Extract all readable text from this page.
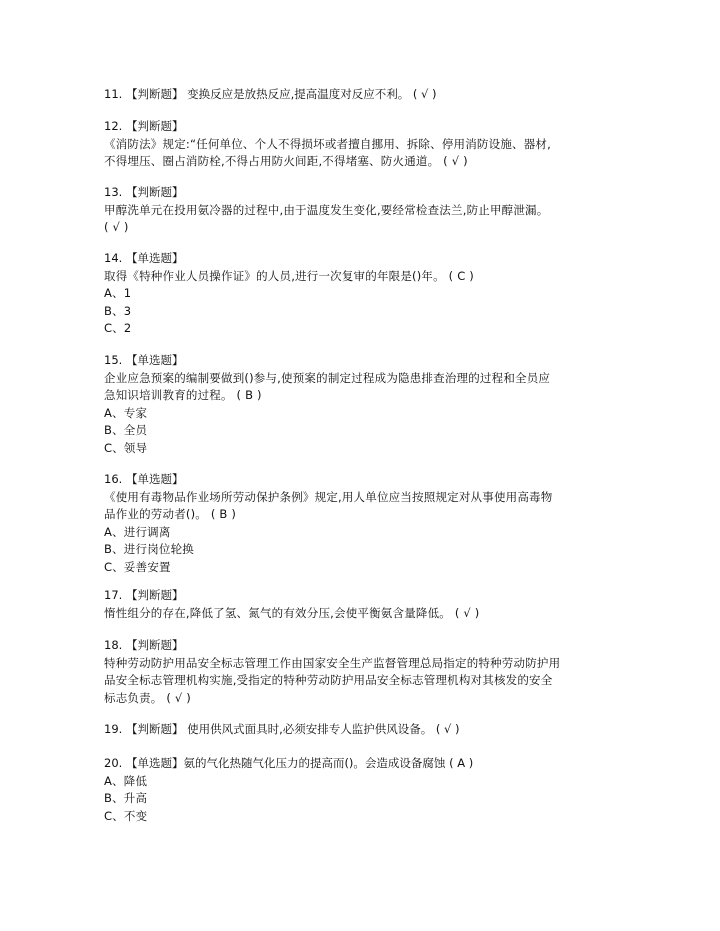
11. 【判断题】 变换反应是放热反应,提高温度对反应不利。 ( √ )
12. 【判断题】
《消防法》规定:“任何单位、个人不得损坏或者擅自挪用、拆除、停用消防设施、器材,
不得埋压、圈占消防栓,不得占用防火间距,不得堵塞、防火通道。 ( √ )
13. 【判断题】
甲醇洗单元在投用氨冷器的过程中,由于温度发生变化,要经常检查法兰,防止甲醇泄漏。
( √ )
14. 【单选题】
取得《特种作业人员操作证》的人员,进行一次复审的年限是()年。 ( C )
A、1
B、3
C、2
15. 【单选题】
企业应急预案的编制要做到()参与,使预案的制定过程成为隐患排查治理的过程和全员应
急知识培训教育的过程。 ( B )
A、专家
B、全员
C、领导
16. 【单选题】
《使用有毒物品作业场所劳动保护条例》规定,用人单位应当按照规定对从事使用高毒物
品作业的劳动者()。 ( B )
A、进行调离
B、进行岗位轮换
C、妥善安置
17. 【判断题】
惰性组分的存在,降低了氢、氮气的有效分压,会使平衡氨含量降低。 ( √ )
18. 【判断题】
特种劳动防护用品安全标志管理工作由国家安全生产监督管理总局指定的特种劳动防护用
品安全标志管理机构实施,受指定的特种劳动防护用品安全标志管理机构对其核发的安全
标志负责。 ( √ )
19. 【判断题】 使用供风式面具时,必须安排专人监护供风设备。 ( √ )
20. 【单选题】氨的气化热随气化压力的提高而()。会造成设备腐蚀 ( A )
A、降低
B、升高
C、不变
